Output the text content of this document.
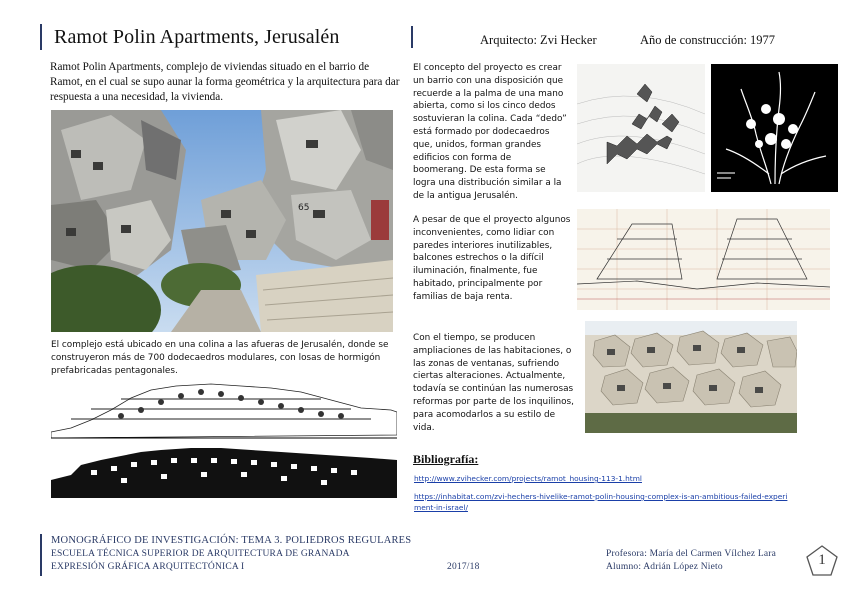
Ramot Polin Apartments, Jerusalén	Arquitecto: Zvi Hecker	Año de construcción: 1977
Ramot Polin Apartments, complejo de viviendas situado en el barrio de Ramot, en el cual se supo aunar la forma geométrica y la arquitectura para dar respuesta a una necesidad, la vivienda.
65
El complejo está ubicado en una colina a las afueras de Jerusalén, donde se construyeron más de 700 dodecaedros modulares, con losas de hormigón prefabricadas pentagonales.
El concepto del proyecto es crear un barrio con una disposición que recuerde a la palma de una mano abierta, como si los cinco dedos sostuvieran la colina. Cada “dedo” está formado por dodecaedros que, unidos, forman grandes edificios con forma de boomerang. De esta forma se logra una distribución similar a la de la antigua Jerusalén.
A pesar de que el proyecto algunos inconvenientes, como lidiar con paredes interiores inutilizables, balcones estrechos o la difícil iluminación, finalmente, fue habitado, principalmente por familias de baja renta.
Con el tiempo, se producen ampliaciones de las habitaciones, o las zonas de ventanas, sufriendo ciertas alteraciones. Actualmente, todavía se continúan las numerosas reformas por parte de los inquilinos, para acomodarlos a su estilo de vida.
Bibliografía:
http://www.zvihecker.com/projects/ramot_housing-113-1.html
https://inhabitat.com/zvi-hechers-hivelike-ramot-polin-housing-complex-is-an-ambitious-failed-experiment-in-israel/
MONOGRÁFICO DE INVESTIGACIÓN: TEMA 3. POLIEDROS REGULARES
ESCUELA TÉCNICA SUPERIOR DE ARQUITECTURA DE GRANADA
EXPRESIÓN GRÁFICA ARQUITECTÓNICA I	2017/18
Profesora: María del Carmen Vílchez Lara
Alumno: Adrián López Nieto	1
